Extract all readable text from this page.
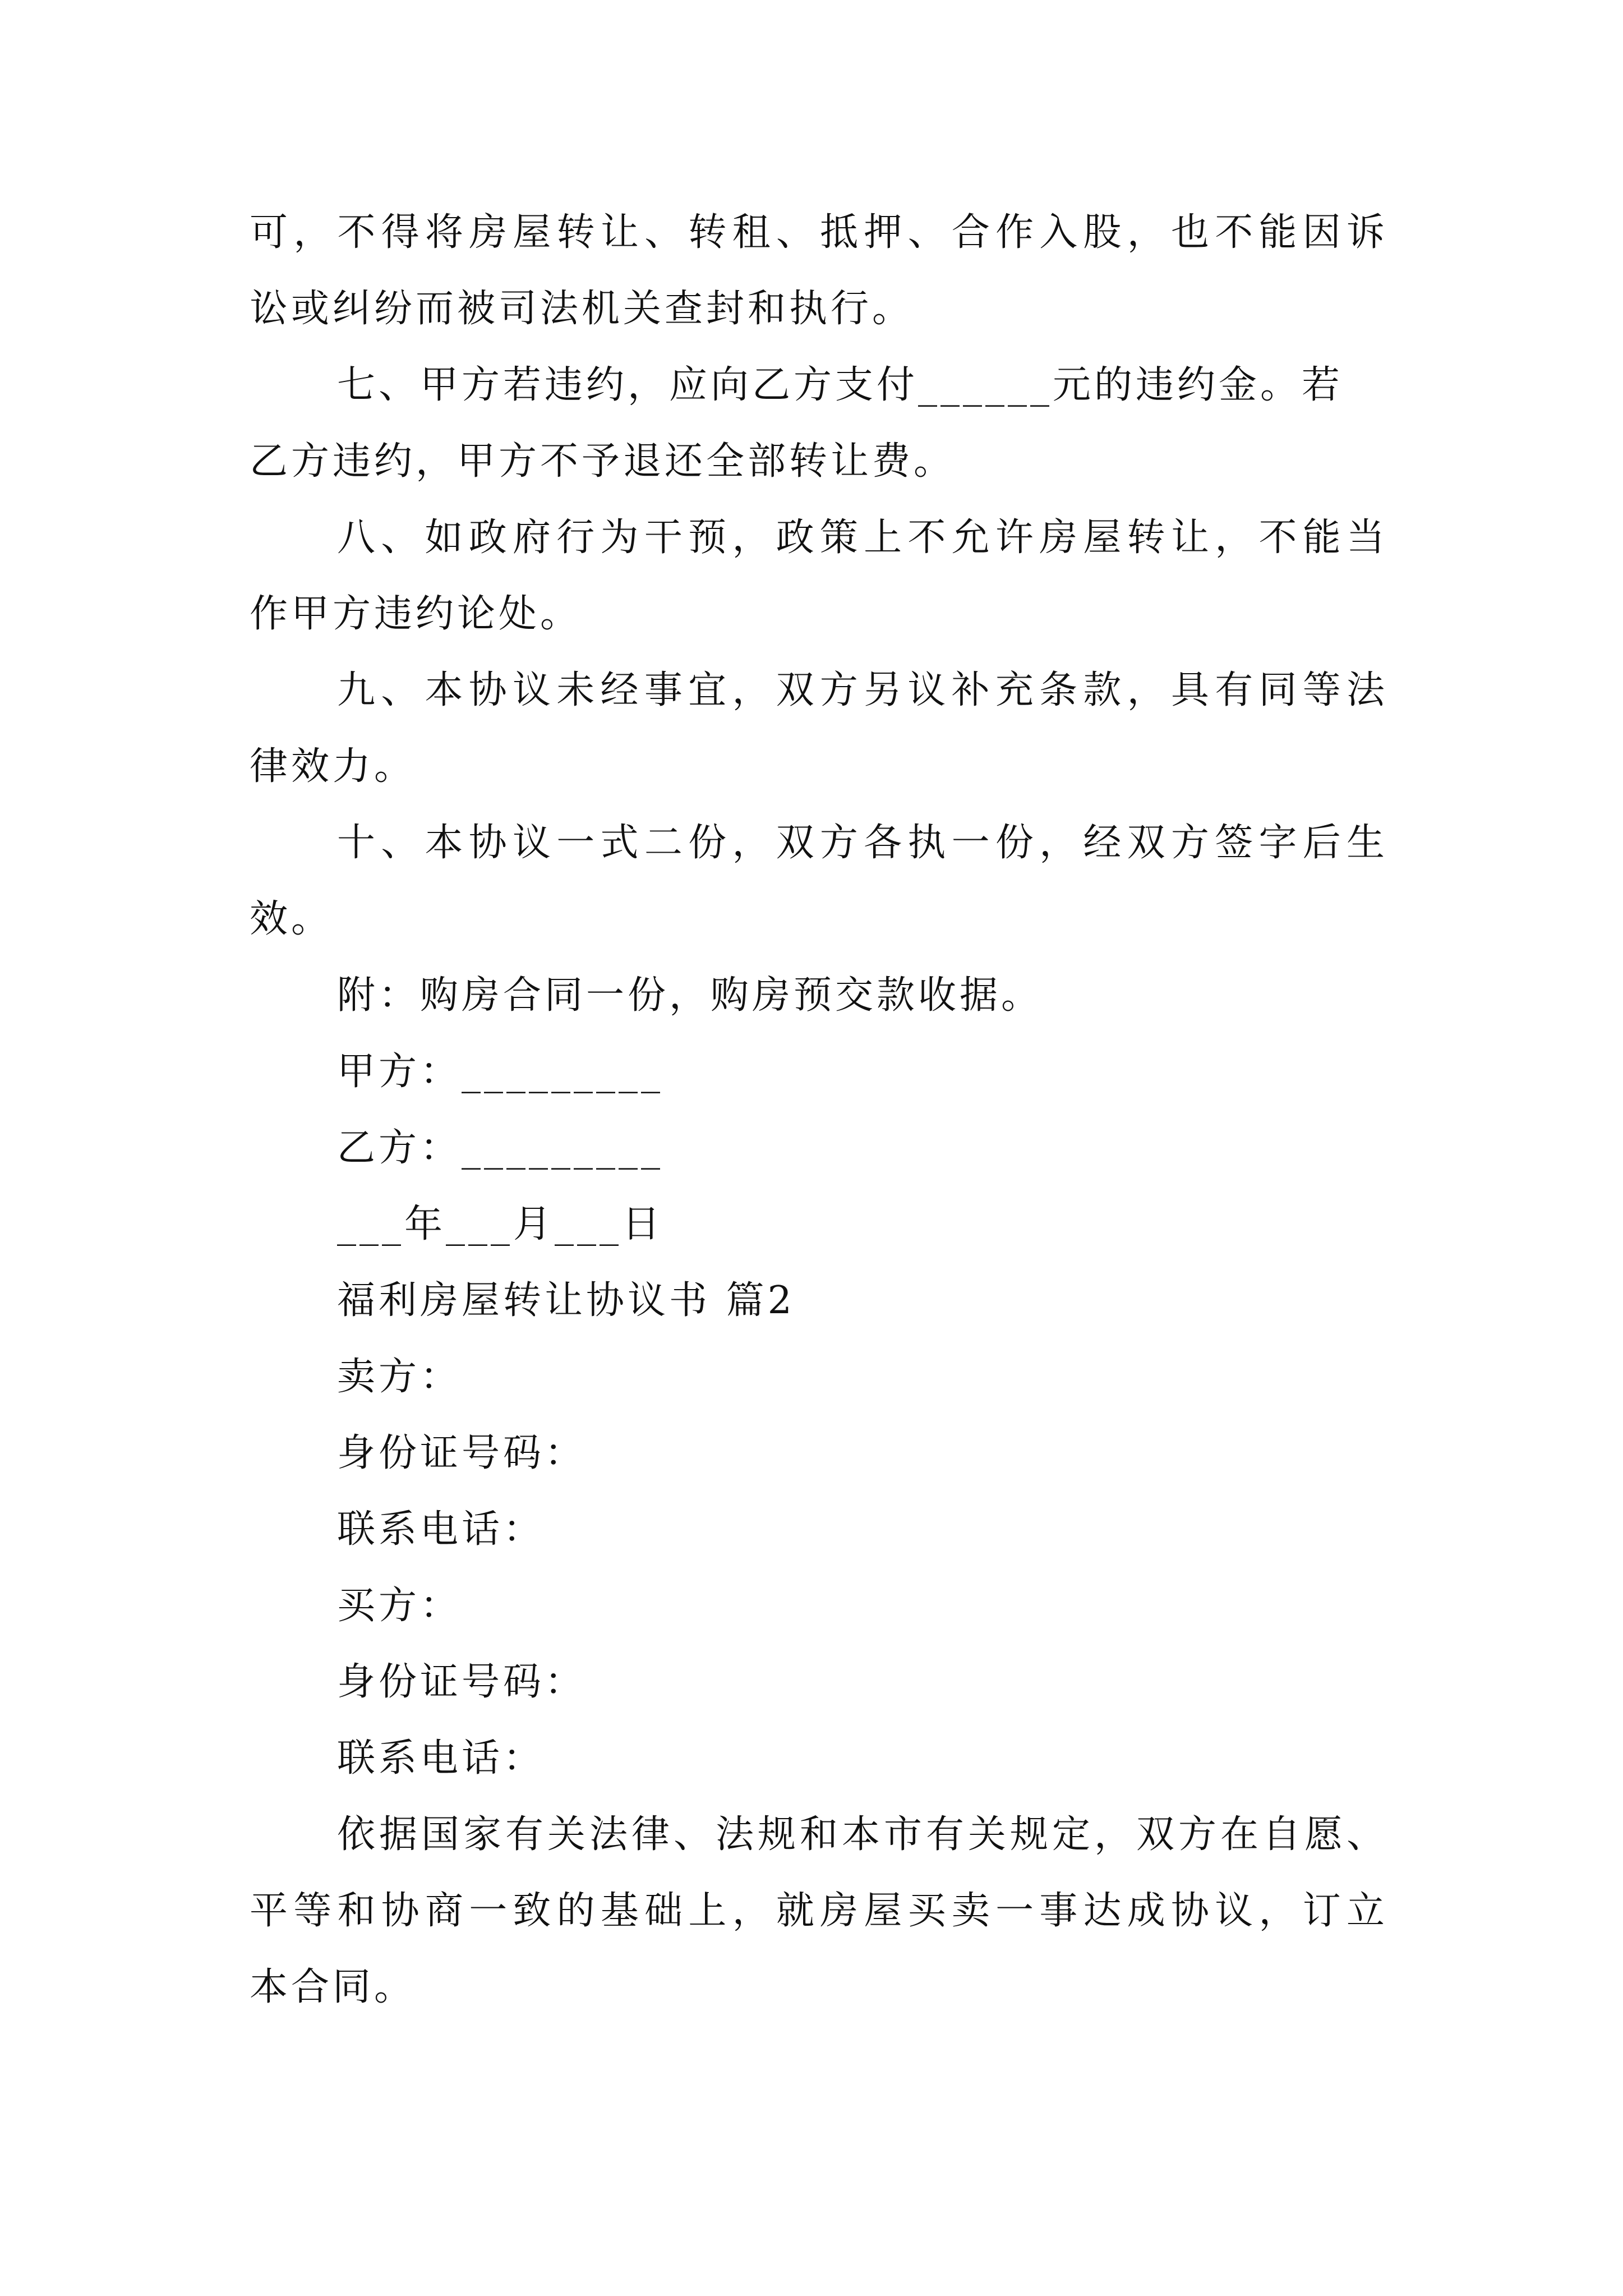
可，不得将房屋转让、转租、抵押、合作入股，也不能因诉
讼或纠纷而被司法机关查封和执行。
七、甲方若违约，应向乙方支付______元的违约金。若
乙方违约，甲方不予退还全部转让费。
八、如政府行为干预，政策上不允许房屋转让，不能当
作甲方违约论处。
九、本协议未经事宜，双方另议补充条款，具有同等法
律效力。
十、本协议一式二份，双方各执一份，经双方签字后生
效。
附：购房合同一份，购房预交款收据。
甲方：_________
乙方：_________
___年___月___日
福利房屋转让协议书 篇2
卖方：
身份证号码：
联系电话：
买方：
身份证号码：
联系电话：
依据国家有关法律、法规和本市有关规定，双方在自愿、
平等和协商一致的基础上，就房屋买卖一事达成协议，订立
本合同。
